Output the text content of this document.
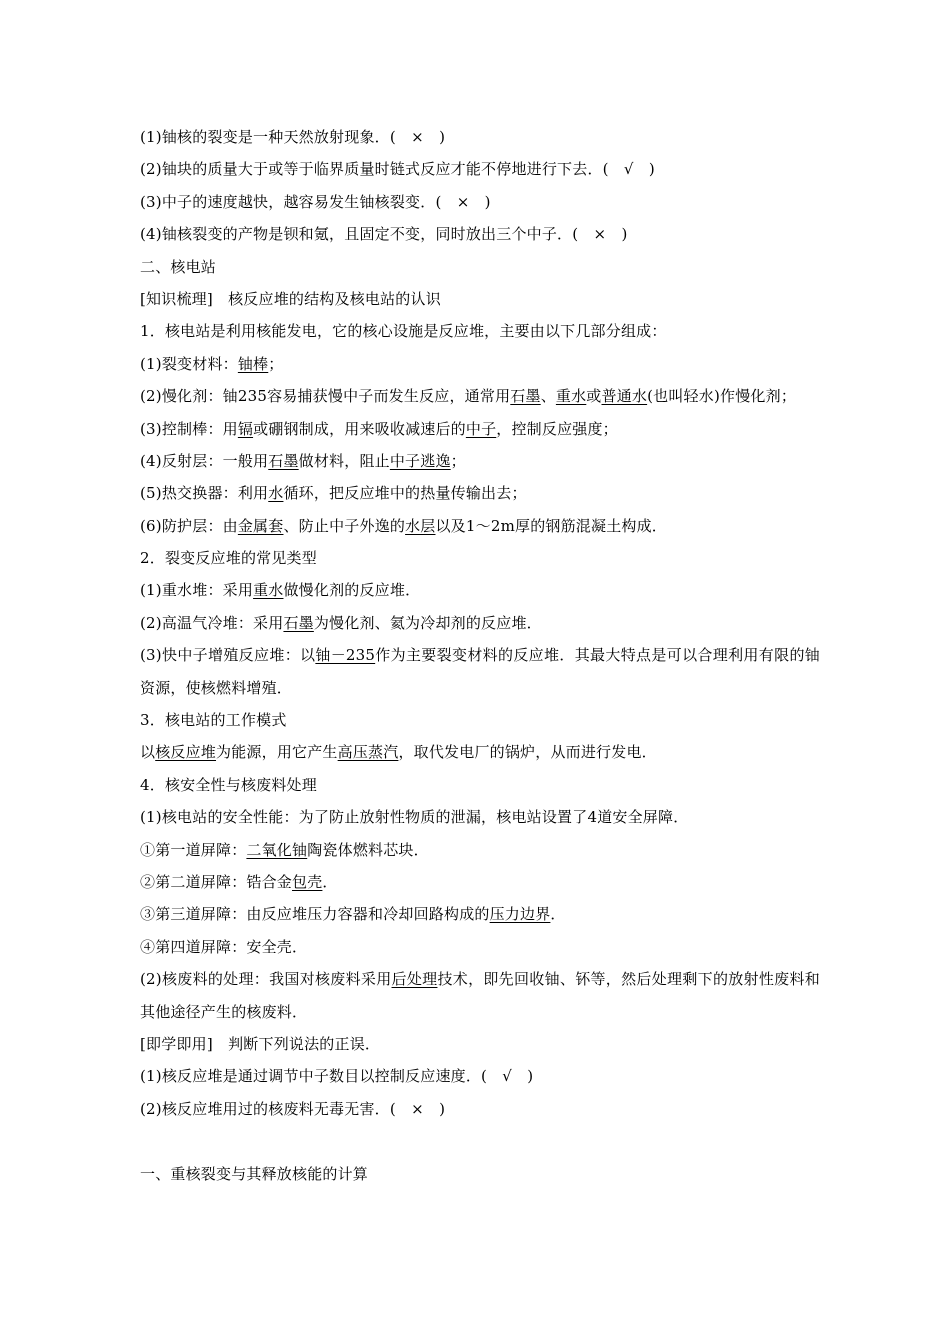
(1)铀核的裂变是一种天然放射现象．(　×　)
(2)铀块的质量大于或等于临界质量时链式反应才能不停地进行下去．(　√　)
(3)中子的速度越快，越容易发生铀核裂变．(　×　)
(4)铀核裂变的产物是钡和氪，且固定不变，同时放出三个中子．(　×　)
二、核电站
[知识梳理]　核反应堆的结构及核电站的认识
1．核电站是利用核能发电，它的核心设施是反应堆，主要由以下几部分组成：
(1)裂变材料：铀棒；
(2)慢化剂：铀235容易捕获慢中子而发生反应，通常用石墨、重水或普通水(也叫轻水)作慢化剂；
(3)控制棒：用镉或硼钢制成，用来吸收减速后的中子，控制反应强度；
(4)反射层：一般用石墨做材料，阻止中子逃逸；
(5)热交换器：利用水循环，把反应堆中的热量传输出去；
(6)防护层：由金属套、防止中子外逸的水层以及1～2m厚的钢筋混凝土构成．
2．裂变反应堆的常见类型
(1)重水堆：采用重水做慢化剂的反应堆．
(2)高温气冷堆：采用石墨为慢化剂、氦为冷却剂的反应堆．
(3)快中子增殖反应堆：以铀－235作为主要裂变材料的反应堆．其最大特点是可以合理利用有限的铀资源，使核燃料增殖．
3．核电站的工作模式
以核反应堆为能源，用它产生高压蒸汽，取代发电厂的锅炉，从而进行发电．
4．核安全性与核废料处理
(1)核电站的安全性能：为了防止放射性物质的泄漏，核电站设置了4道安全屏障．
①第一道屏障：二氧化铀陶瓷体燃料芯块．
②第二道屏障：锆合金包壳．
③第三道屏障：由反应堆压力容器和冷却回路构成的压力边界．
④第四道屏障：安全壳．
(2)核废料的处理：我国对核废料采用后处理技术，即先回收铀、钚等，然后处理剩下的放射性废料和其他途径产生的核废料．
[即学即用]　判断下列说法的正误．
(1)核反应堆是通过调节中子数目以控制反应速度．(　√　)
(2)核反应堆用过的核废料无毒无害．(　×　)
一、重核裂变与其释放核能的计算
